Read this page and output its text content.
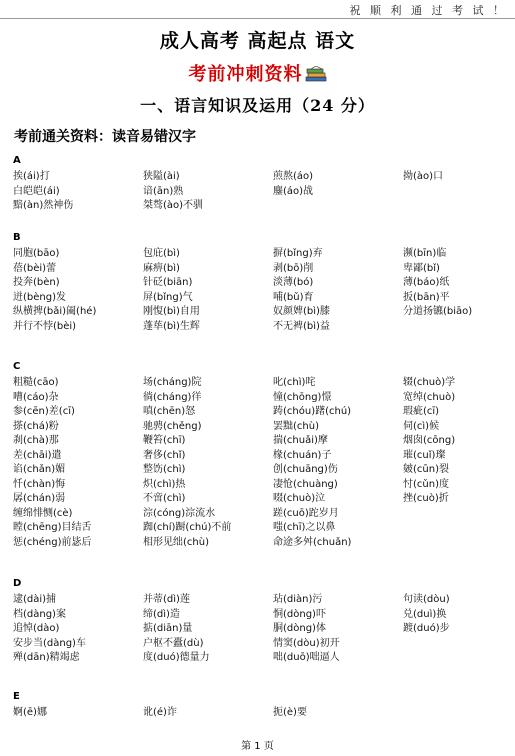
祝 顺 利 通 过 考 试 ！
成人高考 高起点 语文
考前冲刺资料
一、语言知识及运用（24 分）
考前通关资料：读音易错汉字
A
挨(ái)打	狭隘(ài)	煎熬(áo)	拗(ào)口
白皑皑(ái)	谙(ān)熟	鏖(áo)战
黯(àn)然神伤	桀骜(ào)不驯
B
同胞(bāo)	包庇(bì)	摒(bǐng)弃	濒(bīn)临
蓓(bèi)蕾	麻痹(bì)	剥(bō)削	卑鄙(bǐ)
投奔(bèn)	针砭(biān)	淡薄(bó)	薄(báo)纸
迸(bèng)发	屏(bǐng)气	哺(bǔ)育	扳(bān)平
纵横捭(bǎi)阖(hé)	刚愎(bì)自用	奴颜婢(bì)膝	分道扬镳(biāo)
并行不悖(bèi)	蓬荜(bì)生辉	不无裨(bì)益
C
粗糙(cāo)	场(cháng)院	叱(chì)咤	辍(chuò)学
嘈(cáo)杂	徜(cháng)徉	憧(chōng)憬	宽绰(chuò)
参(cēn)差(cī)	嗔(chēn)怒	踌(chóu)躇(chú)	瑕疵(cī)
搽(chá)粉	驰骋(chěng)	罢黜(chù)	伺(cì)候
刹(chà)那	鞭笞(chī)	揣(chuǎi)摩	烟囱(cōng)
差(chāi)遣	奢侈(chǐ)	椽(chuán)子	璀(cuǐ)璨
谄(chǎn)媚	整饬(chì)	创(chuāng)伤	皴(cūn)裂
忏(chàn)悔	炽(chì)热	凄怆(chuàng)	忖(cǔn)度
孱(chán)弱	不啻(chì)	啜(chuò)泣	挫(cuò)折
缠绵悱恻(cè)	淙(cóng)淙流水	蹉(cuō)跎岁月
瞠(chēng)目结舌	踟(chí)蹰(chú)不前	嗤(chī)之以鼻
惩(chéng)前毖后	相形见绌(chù)	命途多舛(chuǎn)
D
逮(dài)捕	并蒂(dì)莲	玷(diàn)污	句读(dòu)
档(dàng)案	缔(dì)造	恫(dòng)吓	兑(duì)换
追悼(dào)	掂(diān)量	胴(dòng)体	踱(duó)步
安步当(dàng)车	户枢不蠹(dù)	情窦(dòu)初开
殚(dān)精竭虑	度(duó)德量力	咄(duō)咄逼人
E
婀(ē)娜	讹(é)诈	扼(è)要
第 1 页
